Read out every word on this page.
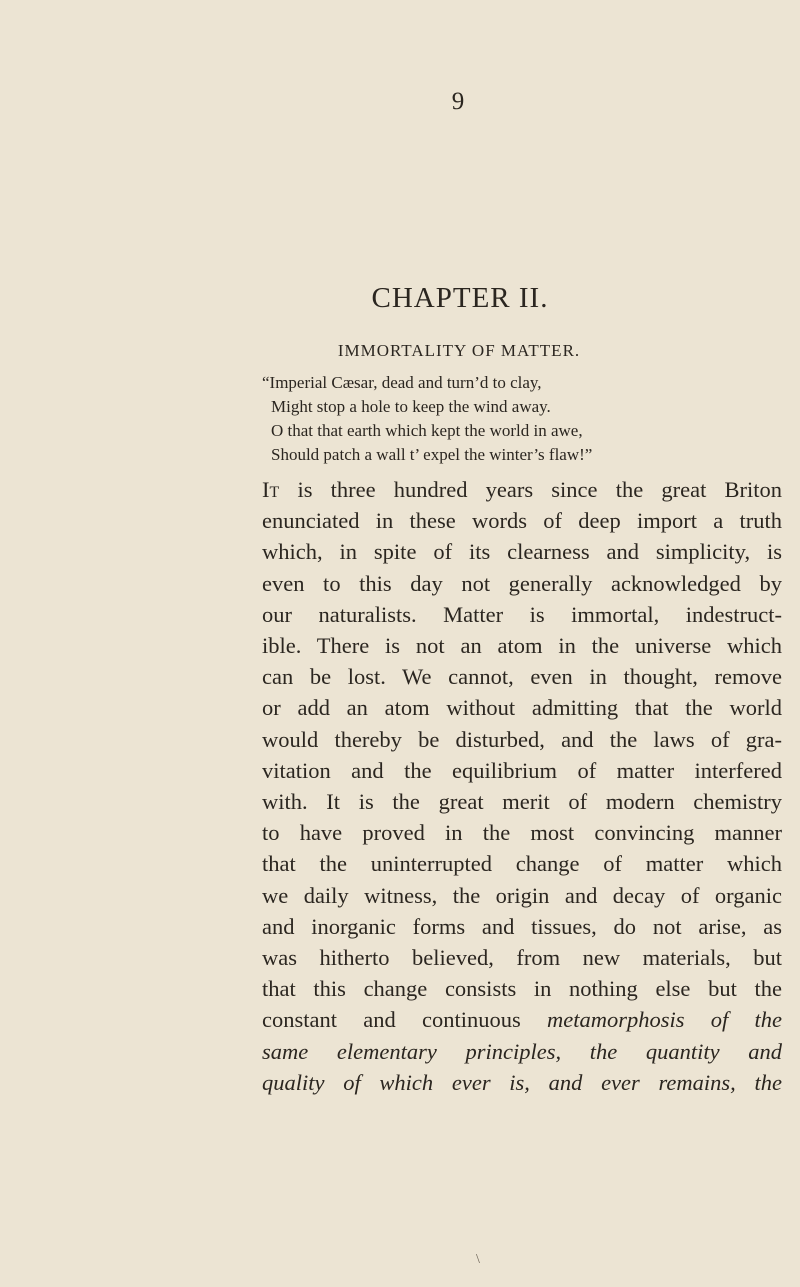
9
CHAPTER II.
IMMORTALITY OF MATTER.
“Imperial Cæsar, dead and turn’d to clay,
Might stop a hole to keep the wind away.
O that that earth which kept the world in awe,
Should patch a wall t’ expel the winter’s flaw!”
It is three hundred years since the great Briton
enunciated in these words of deep import a truth
which, in spite of its clearness and simplicity, is
even to this day not generally acknowledged by
our naturalists. Matter is immortal, indestruct-
ible. There is not an atom in the universe which
can be lost. We cannot, even in thought, remove
or add an atom without admitting that the world
would thereby be disturbed, and the laws of gra-
vitation and the equilibrium of matter interfered
with. It is the great merit of modern chemistry
to have proved in the most convincing manner
that the uninterrupted change of matter which
we daily witness, the origin and decay of organic
and inorganic forms and tissues, do not arise, as
was hitherto believed, from new materials, but
that this change consists in nothing else but the
constant and continuous metamorphosis of the
same elementary principles, the quantity and
quality of which ever is, and ever remains, the
\
